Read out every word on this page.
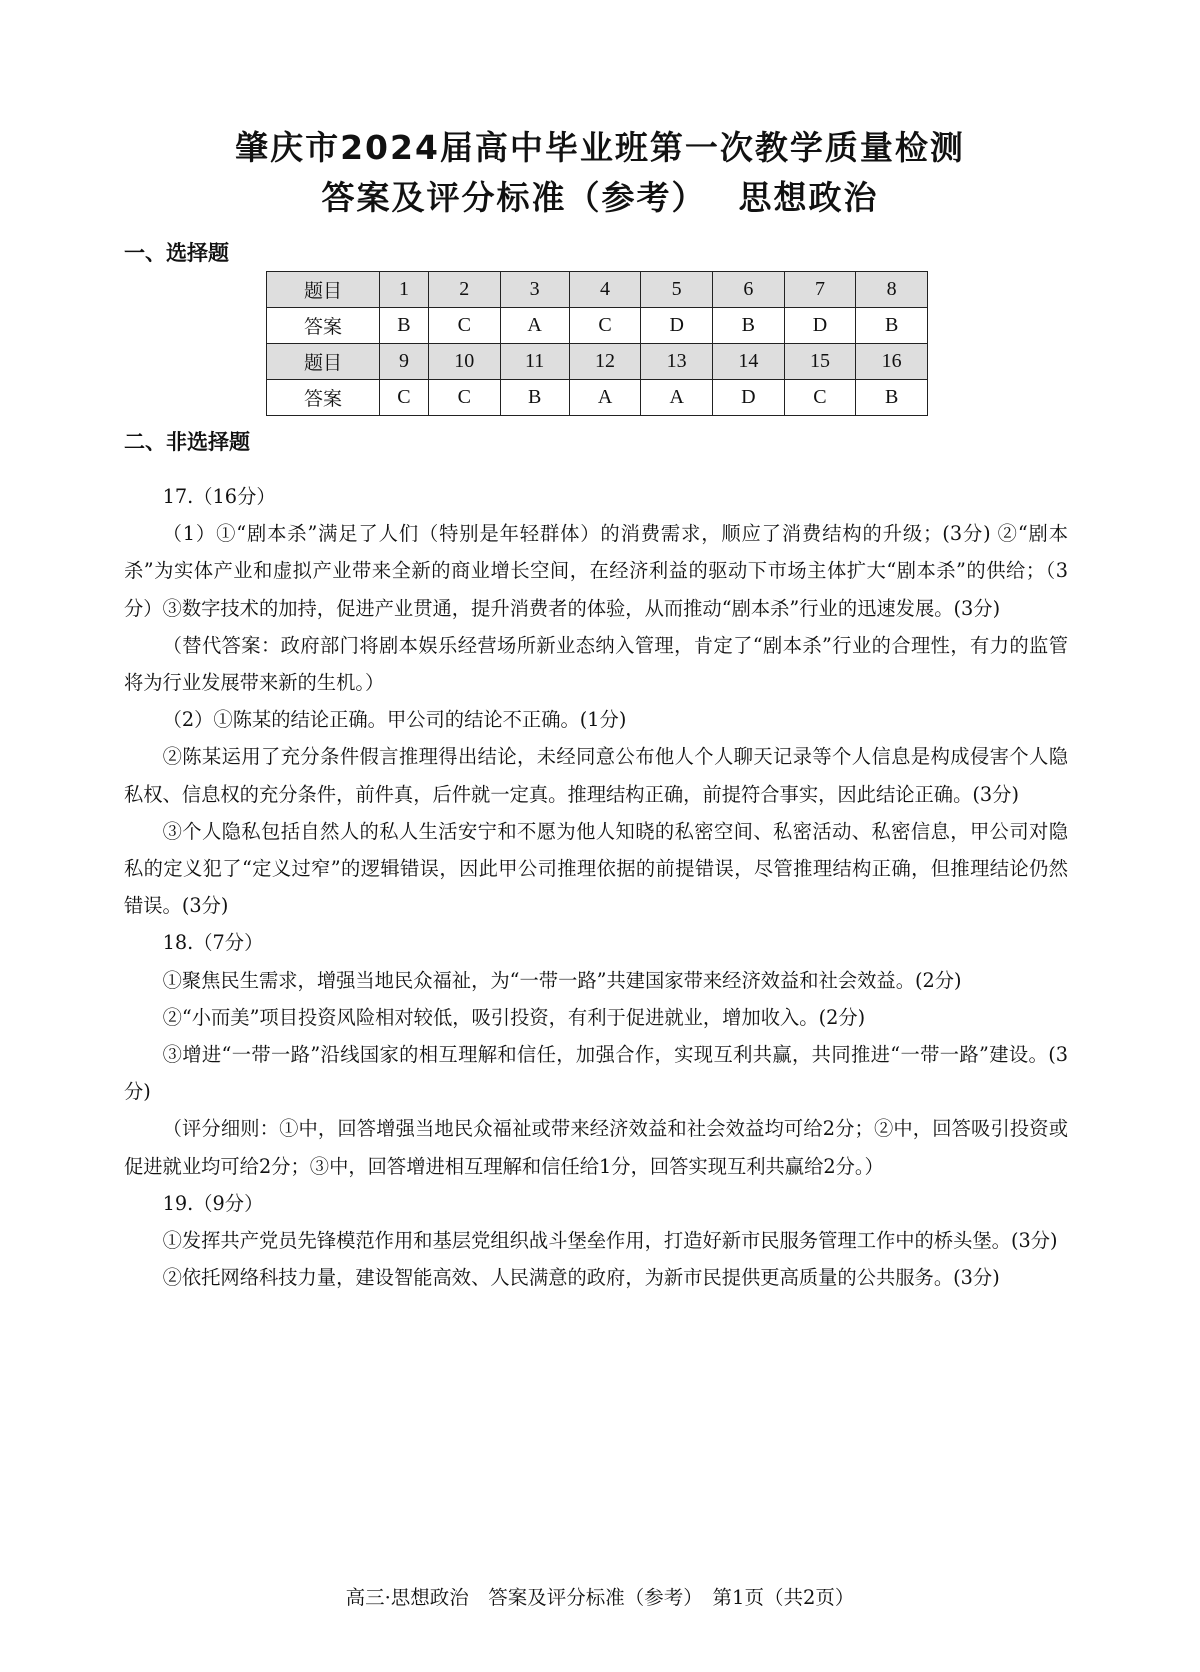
肇庆市2024届高中毕业班第一次教学质量检测
答案及评分标准（参考）　 思想政治
一、选择题
题目	1	2	3	4	5	6	7	8
答案	B	C	A	C	D	B	D	B
题目	9	10	11	12	13	14	15	16
答案	C	C	B	A	A	D	C	B
二、非选择题

17.（16分）

（1）①“剧本杀”满足了人们（特别是年轻群体）的消费需求，顺应了消费结构的升级；(3分) ②“剧本杀”为实体产业和虚拟产业带来全新的商业增长空间，在经济利益的驱动下市场主体扩大“剧本杀”的供给；（3分）③数字技术的加持，促进产业贯通，提升消费者的体验，从而推动“剧本杀”行业的迅速发展。(3分)

（替代答案：政府部门将剧本娱乐经营场所新业态纳入管理，肯定了“剧本杀”行业的合理性，有力的监管将为行业发展带来新的生机。）

（2）①陈某的结论正确。甲公司的结论不正确。(1分)

②陈某运用了充分条件假言推理得出结论，未经同意公布他人个人聊天记录等个人信息是构成侵害个人隐私权、信息权的充分条件，前件真，后件就一定真。推理结构正确，前提符合事实，因此结论正确。(3分)

③个人隐私包括自然人的私人生活安宁和不愿为他人知晓的私密空间、私密活动、私密信息，甲公司对隐私的定义犯了“定义过窄”的逻辑错误，因此甲公司推理依据的前提错误，尽管推理结构正确，但推理结论仍然错误。(3分)

18.（7分）

①聚焦民生需求，增强当地民众福祉，为“一带一路”共建国家带来经济效益和社会效益。(2分)

②“小而美”项目投资风险相对较低，吸引投资，有利于促进就业，增加收入。(2分)

③增进“一带一路”沿线国家的相互理解和信任，加强合作，实现互利共赢，共同推进“一带一路”建设。(3分)

（评分细则：①中，回答增强当地民众福祉或带来经济效益和社会效益均可给2分；②中，回答吸引投资或促进就业均可给2分；③中，回答增进相互理解和信任给1分，回答实现互利共赢给2分。）

19.（9分）

①发挥共产党员先锋模范作用和基层党组织战斗堡垒作用，打造好新市民服务管理工作中的桥头堡。(3分)

②依托网络科技力量，建设智能高效、人民满意的政府，为新市民提供更高质量的公共服务。(3分)

高三·思想政治　答案及评分标准（参考）　第1页（共2页）
